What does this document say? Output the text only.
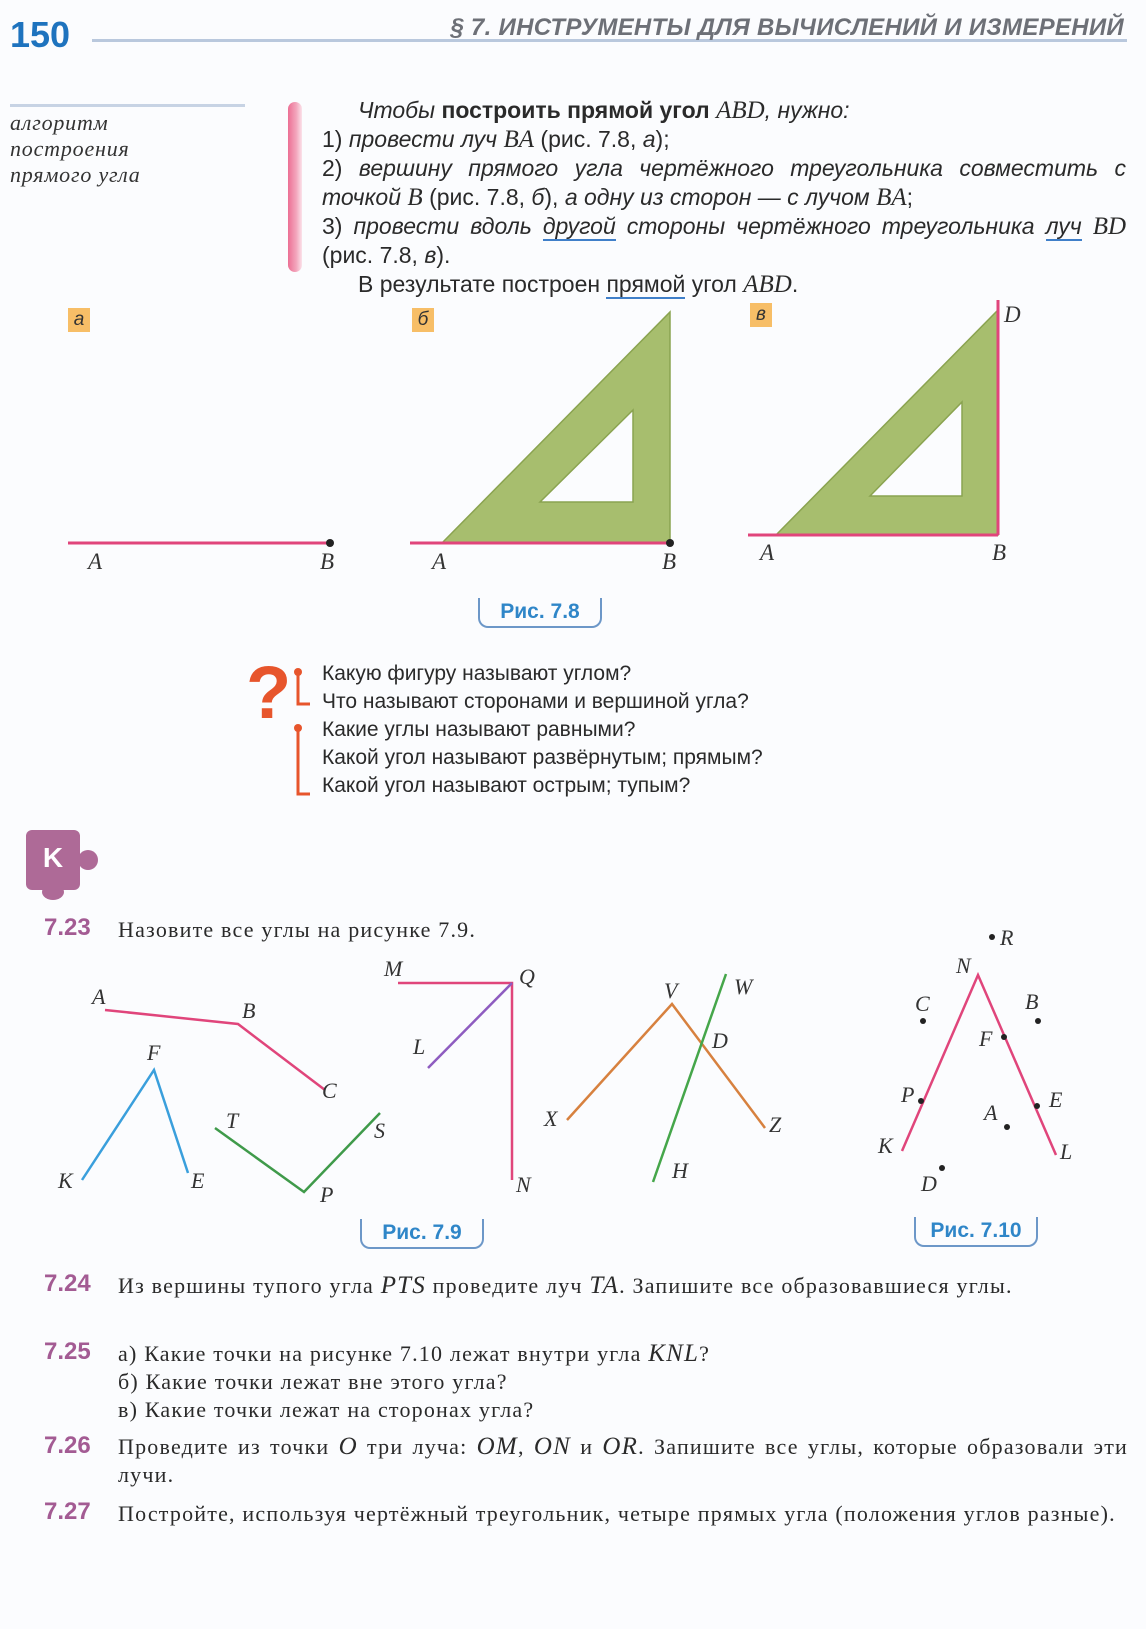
150	§ 7. ИНСТРУМЕНТЫ ДЛЯ ВЫЧИСЛЕНИЙ И ИЗМЕРЕНИЙ
алгоритм
построения
прямого угла

Чтобы построить прямой угол ABD, нужно:

1) провести луч BA (рис. 7.8, а);

2) вершину прямого угла чертёжного треугольника совместить с точкой B (рис. 7.8, б), а одну из сторон — с лучом BA;

3) провести вдоль другой стороны чертёжного треугольника луч BD (рис. 7.8, в).

В результате построен прямой угол ABD.

а	б	в
A	B	A	B	A	B
D
Рис. 7.8
? Какую фигуру называют углом?
Что называют сторонами и вершиной угла?
Какие углы называют равными?
Какой угол называют развёрнутым; прямым?
Какой угол называют острым; тупым?
K
7.23 Назовите все углы на рисунке 7.9.
A
B
C
F
K	E
T	S
P
M	Q
L
N
V	W
D
X	Z
H
Рис. 7.9
R
N
C	B
F
P
A
E
K	L
D
Рис. 7.10
7.24 Из вершины тупого угла PTS проведите луч TA. Запишите все образовавшиеся углы.

7.25 а) Какие точки на рисунке 7.10 лежат внутри угла KNL?

б) Какие точки лежат вне этого угла?

в) Какие точки лежат на сторонах угла?

7.26 Проведите из точки O три луча: OM, ON и OR. Запишите все углы, которые образовали эти лучи.

7.27 Постройте, используя чертёжный треугольник, четыре прямых угла (положения углов разные).
